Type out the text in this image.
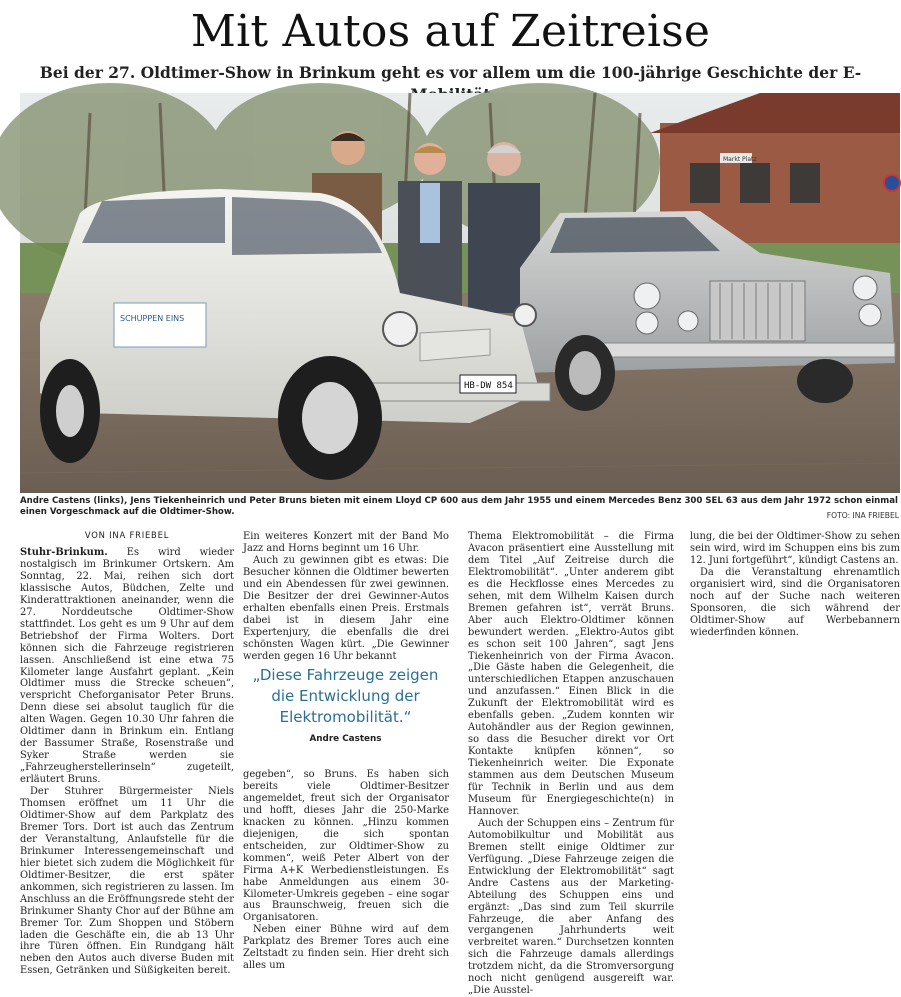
Mit Autos auf Zeitreise
Bei der 27. Oldtimer-Show in Brinkum geht es vor allem um die 100-jährige Geschichte der E-
Markt Platz
SCHUPPEN EINS
HB-DW 854
Andre Castens (links), Jens Tiekenheinrich und Peter Bruns bieten mit einem Lloyd CP 600 aus dem Jahr 1955 und einem Mercedes Benz 300 SEL 63 aus dem Jahr 1972 schon einmal einen Vorgeschmack auf die Oldtimer-Show.	FOTO: INA FRIEBEL
VON INA FRIEBEL

Stuhr-Brinkum. Es wird wieder nostalgisch im Brinkumer Ortskern. Am Sonntag, 22. Mai, reihen sich dort klassische Autos, Büdchen, Zelte und Kinderattraktionen aneinander, wenn die 27. Norddeutsche Oldtimer-Show stattfindet. Los geht es um 9 Uhr auf dem Betriebshof der Firma Wolters. Dort können sich die Fahrzeuge registrieren lassen. Anschließend ist eine etwa 75 Kilometer lange Ausfahrt geplant. „Kein Oldtimer muss die Strecke scheuen“, verspricht Cheforganisator Peter Bruns. Denn diese sei absolut tauglich für die alten Wagen. Gegen 10.30 Uhr fahren die Oldtimer dann in Brinkum ein. Entlang der Bassumer Straße, Rosenstraße und Syker Straße werden sie „Fahrzeugherstellerinseln“ zugeteilt, erläutert Bruns.

Der Stuhrer Bürgermeister Niels Thomsen eröffnet um 11 Uhr die Oldtimer-Show auf dem Parkplatz des Bremer Tors. Dort ist auch das Zentrum der Veranstaltung, Anlaufstelle für die Brinkumer Interessengemeinschaft und hier bietet sich zudem die Möglichkeit für Oldtimer-Besitzer, die erst später ankommen, sich registrieren zu lassen. Im Anschluss an die Eröffnungsrede steht der Brinkumer Shanty Chor auf der Bühne am Bremer Tor. Zum Shoppen und Stöbern laden die Geschäfte ein, die ab 13 Uhr ihre Türen öffnen. Ein Rundgang hält neben den Autos auch diverse Buden mit Essen, Getränken und Süßigkeiten bereit.

Ein weiteres Konzert mit der Band Mo Jazz and Horns beginnt um 16 Uhr.

Auch zu gewinnen gibt es etwas: Die Besucher können die Oldtimer bewerten und ein Abendessen für zwei gewinnen. Die Besitzer der drei Gewinner-Autos erhalten ebenfalls einen Preis. Erstmals dabei ist in diesem Jahr eine Expertenjury, die ebenfalls die drei schönsten Wagen kürt. „Die Gewinner werden gegen 16 Uhr bekannt

„Diese Fahrzeuge zeigen die Entwicklung der Elektromobilität.“
Andre Castens

gegeben“, so Bruns. Es haben sich bereits viele Oldtimer-Besitzer angemeldet, freut sich der Organisator und hofft, dieses Jahr die 250-Marke knacken zu können. „Hinzu kommen diejenigen, die sich spontan entscheiden, zur Oldtimer-Show zu kommen“, weiß Peter Albert von der Firma A+K Werbedienstleistungen. Es habe Anmeldungen aus einem 30-Kilometer-Umkreis gegeben – eine sogar aus Braunschweig, freuen sich die Organisatoren.

Neben einer Bühne wird auf dem Parkplatz des Bremer Tores auch eine Zeltstadt zu finden sein. Hier dreht sich alles um

Thema Elektromobilität – die Firma Avacon präsentiert eine Ausstellung mit dem Titel „Auf Zeitreise durch die Elektromobilität“. „Unter anderem gibt es die Heckflosse eines Mercedes zu sehen, mit dem Wilhelm Kaisen durch Bremen gefahren ist“, verrät Bruns. Aber auch Elektro-Oldtimer können bewundert werden. „Elektro-Autos gibt es schon seit 100 Jahren“, sagt Jens Tiekenheinrich von der Firma Avacon. „Die Gäste haben die Gelegenheit, die unterschiedlichen Etappen anzuschauen und anzufassen.“ Einen Blick in die Zukunft der Elektromobilität wird es ebenfalls geben. „Zudem konnten wir Autohändler aus der Region gewinnen, so dass die Besucher direkt vor Ort Kontakte knüpfen können“, so Tiekenheinrich weiter. Die Exponate stammen aus dem Deutschen Museum für Technik in Berlin und aus dem Museum für Energiegeschichte(n) in Hannover.

Auch der Schuppen eins – Zentrum für Automobilkultur und Mobilität aus Bremen stellt einige Oldtimer zur Verfügung. „Diese Fahrzeuge zeigen die Entwicklung der Elektromobilität“ sagt Andre Castens aus der Marketing-Abteilung des Schuppen eins und ergänzt: „Das sind zum Teil skurrile Fahrzeuge, die aber Anfang des vergangenen Jahrhunderts weit verbreitet waren.“ Durchsetzen konnten sich die Fahrzeuge damals allerdings trotzdem nicht, da die Stromversorgung noch nicht genügend ausgereift war. „Die Ausstel-

lung, die bei der Oldtimer-Show zu sehen sein wird, wird im Schuppen eins bis zum 12. Juni fortgeführt“, kündigt Castens an.

Da die Veranstaltung ehrenamtlich organisiert wird, sind die Organisatoren noch auf der Suche nach weiteren Sponsoren, die sich während der Oldtimer-Show auf Werbebannern wiederfinden können.
